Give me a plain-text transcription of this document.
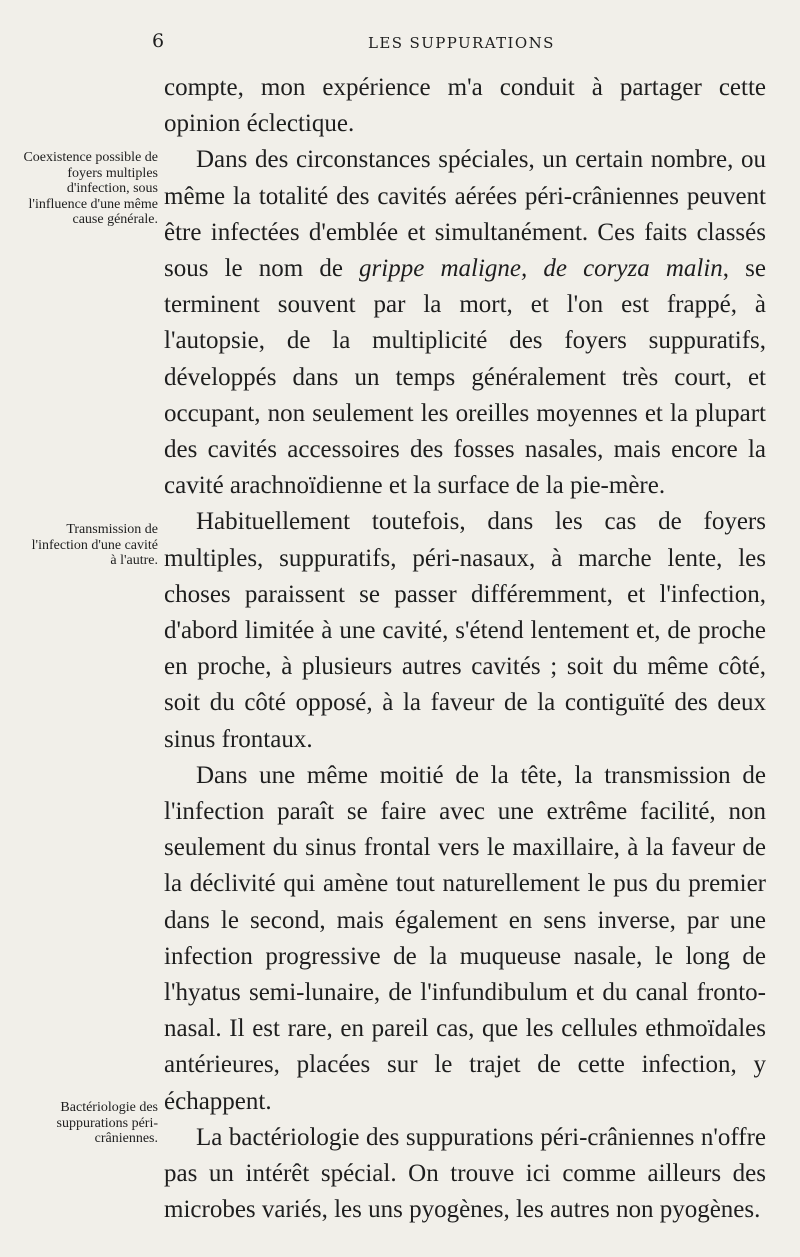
6	LES SUPPURATIONS
Coexistence possible de foyers multiples d'infection, sous l'influence d'une même cause générale.
Transmission de l'infection d'une cavité à l'autre.
Bactériologie des suppurations péri-crâniennes.

compte, mon expérience m'a conduit à partager cette opinion éclectique.

Dans des circonstances spéciales, un certain nombre, ou même la totalité des cavités aérées péri-crâniennes peuvent être infectées d'emblée et simultanément. Ces faits classés sous le nom de grippe maligne, de coryza malin, se terminent souvent par la mort, et l'on est frappé, à l'autopsie, de la multiplicité des foyers suppuratifs, développés dans un temps généralement très court, et occupant, non seulement les oreilles moyennes et la plupart des cavités accessoires des fosses nasales, mais encore la cavité arachnoïdienne et la surface de la pie-mère.

Habituellement toutefois, dans les cas de foyers multiples, suppuratifs, péri-nasaux, à marche lente, les choses paraissent se passer différemment, et l'infection, d'abord limitée à une cavité, s'étend lentement et, de proche en proche, à plusieurs autres cavités ; soit du même côté, soit du côté opposé, à la faveur de la contiguïté des deux sinus frontaux.

Dans une même moitié de la tête, la transmission de l'infection paraît se faire avec une extrême facilité, non seulement du sinus frontal vers le maxillaire, à la faveur de la déclivité qui amène tout naturellement le pus du premier dans le second, mais également en sens inverse, par une infection progressive de la muqueuse nasale, le long de l'hyatus semi-lunaire, de l'infundibulum et du canal fronto-nasal. Il est rare, en pareil cas, que les cellules ethmoïdales antérieures, placées sur le trajet de cette infection, y échappent.

La bactériologie des suppurations péri-crâniennes n'offre pas un intérêt spécial. On trouve ici comme ailleurs des microbes variés, les uns pyogènes, les autres non pyogènes.
